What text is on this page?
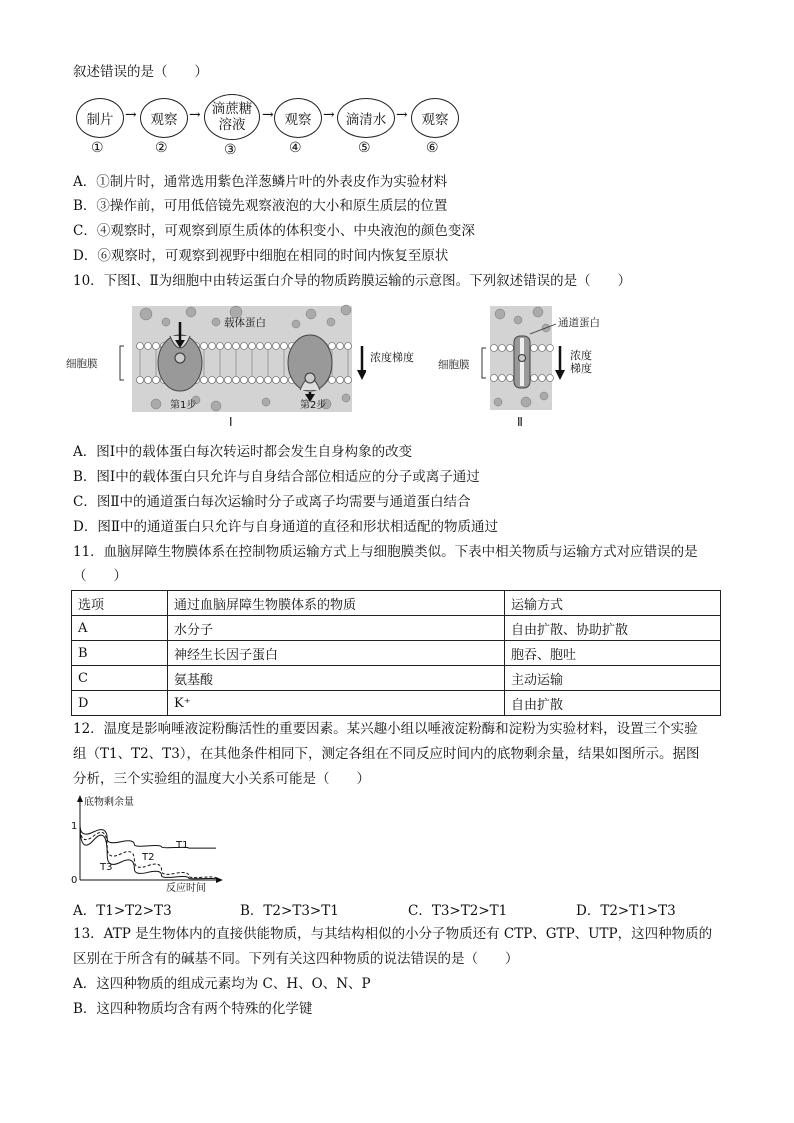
叙述错误的是（　　）
制片 →	观察 → 滴蔗糖溶液
→ 观察 → 滴清水 →	观察
①	②	③	④	⑤	⑥
A．①制片时，通常选用紫色洋葱鳞片叶的外表皮作为实验材料
B．③操作前，可用低倍镜先观察液泡的大小和原生质层的位置
C．④观察时，可观察到原生质体的体积变小、中央液泡的颜色变深
D．⑥观察时，可观察到视野中细胞在相同的时间内恢复至原状
10．下图Ⅰ、Ⅱ为细胞中由转运蛋白介导的物质跨膜运输的示意图。下列叙述错误的是（　　）
细胞膜
载体蛋白
第1步	第2步
Ⅰ
浓度梯度
细胞膜
通道蛋白
Ⅱ
浓度梯度
A．图Ⅰ中的载体蛋白每次转运时都会发生自身构象的改变
B．图Ⅰ中的载体蛋白只允许与自身结合部位相适应的分子或离子通过
C．图Ⅱ中的通道蛋白每次运输时分子或离子均需要与通道蛋白结合
D．图Ⅱ中的通道蛋白只允许与自身通道的直径和形状相适配的物质通过
11．血脑屏障生物膜体系在控制物质运输方式上与细胞膜类似。下表中相关物质与运输方式对应错误的是
（　　）
选项	通过血脑屏障生物膜体系的物质	运输方式
A	水分子	自由扩散、协助扩散
B	神经生长因子蛋白	胞吞、胞吐
C	氨基酸	主动运输
D	K⁺	自由扩散
12．温度是影响唾液淀粉酶活性的重要因素。某兴趣小组以唾液淀粉酶和淀粉为实验材料，设置三个实验
组（T1、T2、T3），在其他条件相同下，测定各组在不同反应时间内的底物剩余量，结果如图所示。据图
分析，三个实验组的温度大小关系可能是（　　）
底物剩余量
反应时间
1
0
T1
T2
T3
A．T1>T2>T3	B．T2>T3>T1	C．T3>T2>T1	D．T2>T1>T3
13．ATP 是生物体内的直接供能物质，与其结构相似的小分子物质还有 CTP、GTP、UTP，这四种物质的
区别在于所含有的碱基不同。下列有关这四种物质的说法错误的是（　　）
A．这四种物质的组成元素均为 C、H、O、N、P
B．这四种物质均含有两个特殊的化学键
